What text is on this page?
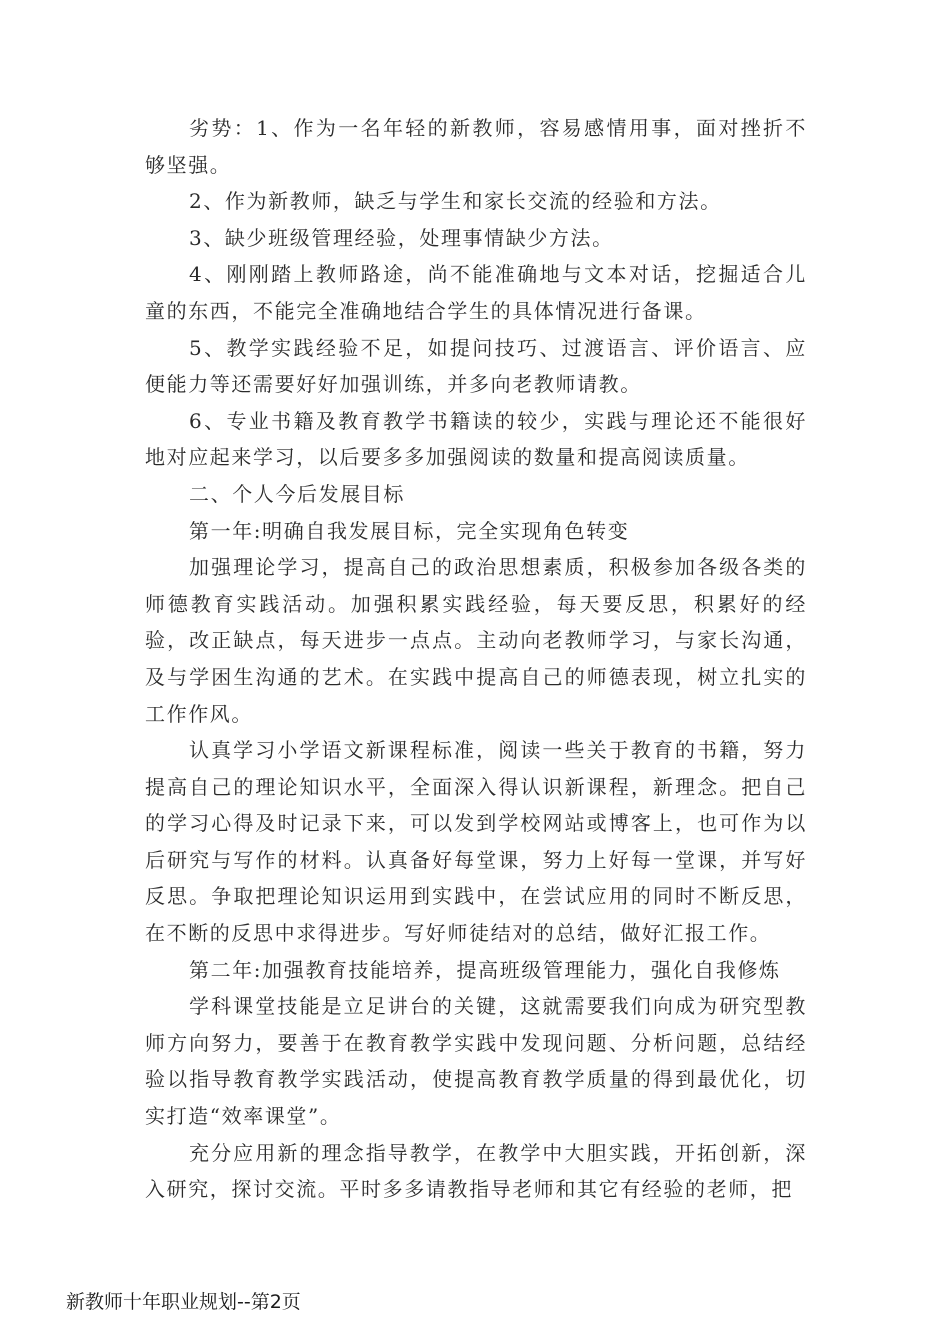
劣势：1、作为一名年轻的新教师，容易感情用事，面对挫折不够坚强。

2、作为新教师，缺乏与学生和家长交流的经验和方法。

3、缺少班级管理经验，处理事情缺少方法。

4、刚刚踏上教师路途，尚不能准确地与文本对话，挖掘适合儿童的东西，不能完全准确地结合学生的具体情况进行备课。

5、教学实践经验不足，如提问技巧、过渡语言、评价语言、应便能力等还需要好好加强训练，并多向老教师请教。

6、专业书籍及教育教学书籍读的较少，实践与理论还不能很好地对应起来学习，以后要多多加强阅读的数量和提高阅读质量。

二、个人今后发展目标

第一年:明确自我发展目标，完全实现角色转变

加强理论学习，提高自己的政治思想素质，积极参加各级各类的师德教育实践活动。加强积累实践经验，每天要反思，积累好的经验，改正缺点，每天进步一点点。主动向老教师学习，与家长沟通，及与学困生沟通的艺术。在实践中提高自己的师德表现，树立扎实的工作作风。

认真学习小学语文新课程标准，阅读一些关于教育的书籍，努力提高自己的理论知识水平，全面深入得认识新课程，新理念。把自己的学习心得及时记录下来，可以发到学校网站或博客上，也可作为以后研究与写作的材料。认真备好每堂课，努力上好每一堂课，并写好反思。争取把理论知识运用到实践中，在尝试应用的同时不断反思，在不断的反思中求得进步。写好师徒结对的总结，做好汇报工作。

第二年:加强教育技能培养，提高班级管理能力，强化自我修炼

学科课堂技能是立足讲台的关键，这就需要我们向成为研究型教师方向努力，要善于在教育教学实践中发现问题、分析问题，总结经验以指导教育教学实践活动，使提高教育教学质量的得到最优化，切实打造“效率课堂”。

充分应用新的理念指导教学，在教学中大胆实践，开拓创新，深入研究，探讨交流。平时多多请教指导老师和其它有经验的老师，把

新教师十年职业规划--第2页
